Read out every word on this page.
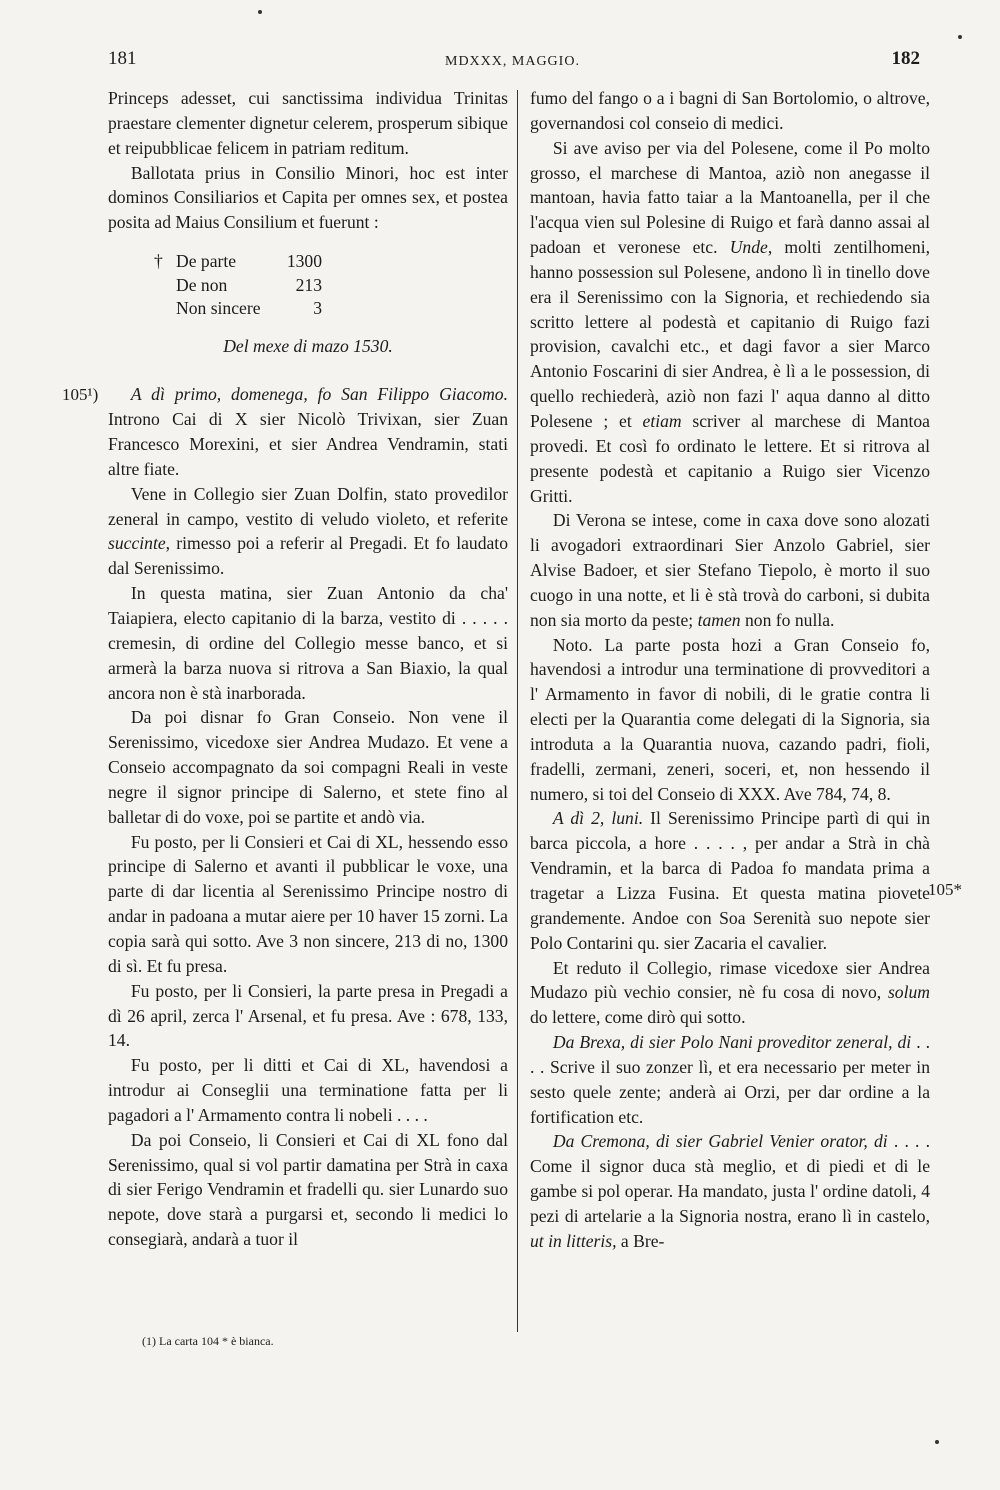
181	MDXXX, MAGGIO.	182
105¹)
105*

Princeps adesset, cui sanctissima individua Trinitas praestare clementer dignetur celerem, prosperum sibique et reipubblicae felicem in patriam reditum.

Ballotata prius in Consilio Minori, hoc est inter dominos Consiliarios et Capita per omnes sex, et postea posita ad Maius Consilium et fuerunt :

† De parte	1300
De non	213
Non sincere	3
Del mexe di mazo 1530.

A dì primo, domenega, fo San Filippo Giacomo. Introno Cai di X sier Nicolò Trivixan, sier Zuan Francesco Morexini, et sier Andrea Vendramin, stati altre fiate.

Vene in Collegio sier Zuan Dolfin, stato provedilor zeneral in campo, vestito di veludo violeto, et referite succinte, rimesso poi a referir al Pregadi. Et fo laudato dal Serenissimo.

In questa matina, sier Zuan Antonio da cha' Taiapiera, electo capitanio di la barza, vestito di . . . . . cremesin, di ordine del Collegio messe banco, et si armerà la barza nuova si ritrova a San Biaxio, la qual ancora non è stà inarborada.

Da poi disnar fo Gran Conseio. Non vene il Serenissimo, vicedoxe sier Andrea Mudazo. Et vene a Conseio accompagnato da soi compagni Reali in veste negre il signor principe di Salerno, et stete fino al balletar di do voxe, poi se partite et andò via.

Fu posto, per li Consieri et Cai di XL, hessendo esso principe di Salerno et avanti il pubblicar le voxe, una parte di dar licentia al Serenissimo Principe nostro di andar in padoana a mutar aiere per 10 haver 15 zorni. La copia sarà qui sotto. Ave 3 non sincere, 213 di no, 1300 di sì. Et fu presa.

Fu posto, per li Consieri, la parte presa in Pregadi a dì 26 april, zerca l' Arsenal, et fu presa. Ave : 678, 133, 14.

Fu posto, per li ditti et Cai di XL, havendosi a introdur ai Conseglii una terminatione fatta per li pagadori a l' Armamento contra li nobeli . . . .

Da poi Conseio, li Consieri et Cai di XL fono dal Serenissimo, qual si vol partir damatina per Strà in caxa di sier Ferigo Vendramin et fradelli qu. sier Lunardo suo nepote, dove starà a purgarsi et, secondo li medici lo consegiarà, andarà a tuor il

fumo del fango o a i bagni di San Bortolomio, o altrove, governandosi col conseio di medici.

Si ave aviso per via del Polesene, come il Po molto grosso, el marchese di Mantoa, aziò non anegasse il mantoan, havia fatto taiar a la Mantoanella, per il che l'acqua vien sul Polesine di Ruigo et farà danno assai al padoan et veronese etc. Unde, molti zentilhomeni, hanno possession sul Polesene, andono lì in tinello dove era il Serenissimo con la Signoria, et rechiedendo sia scritto lettere al podestà et capitanio di Ruigo fazi provision, cavalchi etc., et dagi favor a sier Marco Antonio Foscarini di sier Andrea, è lì a le possession, di quello rechiederà, aziò non fazi l' aqua danno al ditto Polesene ; et etiam scriver al marchese di Mantoa provedi. Et così fo ordinato le lettere. Et si ritrova al presente podestà et capitanio a Ruigo sier Vicenzo Gritti.

Di Verona se intese, come in caxa dove sono alozati li avogadori extraordinari Sier Anzolo Gabriel, sier Alvise Badoer, et sier Stefano Tiepolo, è morto il suo cuogo in una notte, et li è stà trovà do carboni, si dubita non sia morto da peste; tamen non fo nulla.

Noto. La parte posta hozi a Gran Conseio fo, havendosi a introdur una terminatione di provveditori a l' Armamento in favor di nobili, di le gratie contra li electi per la Quarantia come delegati di la Signoria, sia introduta a la Quarantia nuova, cazando padri, fioli, fradelli, zermani, zeneri, soceri, et, non hessendo il numero, si toi del Conseio di XXX. Ave 784, 74, 8.

A dì 2, luni. Il Serenissimo Principe partì di qui in barca piccola, a hore . . . . , per andar a Strà in chà Vendramin, et la barca di Padoa fo mandata prima a tragetar a Lizza Fusina. Et questa matina piovete grandemente. Andoe con Soa Serenità suo nepote sier Polo Contarini qu. sier Zacaria el cavalier.

Et reduto il Collegio, rimase vicedoxe sier Andrea Mudazo più vechio consier, nè fu cosa di novo, solum do lettere, come dirò qui sotto.

Da Brexa, di sier Polo Nani proveditor zeneral, di . . . . Scrive il suo zonzer lì, et era necessario per meter in sesto quele zente; anderà ai Orzi, per dar ordine a la fortification etc.

Da Cremona, di sier Gabriel Venier orator, di . . . . Come il signor duca stà meglio, et di piedi et di le gambe si pol operar. Ha mandato, justa l' ordine datoli, 4 pezi di artelarie a la Signoria nostra, erano lì in castelo, ut in litteris, a Bre-

(1) La carta 104 * è bianca.
